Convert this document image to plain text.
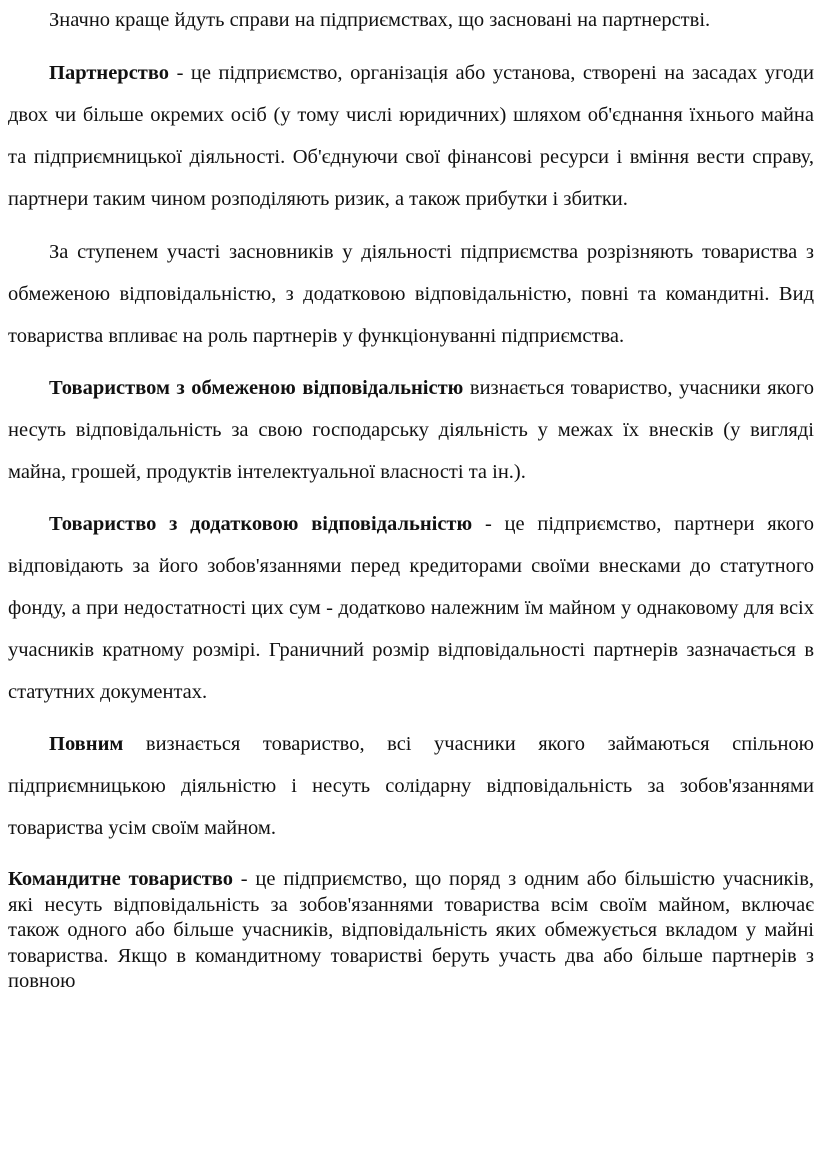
Значно краще йдуть справи на підприємствах, що засновані на партнерстві.

Партнерство - це підприємство, організація або установа, створені на засадах угоди двох чи більше окремих осіб (у тому числі юридичних) шляхом об'єднання їхнього майна та підприємницької діяльності. Об'єднуючи свої фінансові ресурси і вміння вести справу, партнери таким чином розподіляють ризик, а також прибутки і збитки.

За ступенем участі засновників у діяльності підприємства розрізняють товариства з обмеженою відповідальністю, з додатковою відповідальністю, повні та командитні. Вид товариства впливає на роль партнерів у функціонуванні підприємства.

Товариством з обмеженою відповідальністю визнається товариство, учасники якого несуть відповідальність за свою господарську діяльність у межах їх внесків (у вигляді майна, грошей, продуктів інтелектуальної власності та ін.).

Товариство з додатковою відповідальністю - це підприємство, партнери якого відповідають за його зобов'язаннями перед кредиторами своїми внесками до статутного фонду, а при недостатності цих сум - додатково належним їм майном у однаковому для всіх учасників кратному розмірі. Граничний розмір відповідальності партнерів зазначається в статутних документах.

Повним визнається товариство, всі учасники якого займаються спільною підприємницькою діяльністю і несуть солідарну відповідальність за зобов'язаннями товариства усім своїм майном.

Командитне товариство - це підприємство, що поряд з одним або більшістю учасників, які несуть відповідальність за зобов'язаннями товариства всім своїм майном, включає також одного або більше учасників, відповідальність яких обмежується вкладом у майні товариства. Якщо в командитному товаристві беруть участь два або більше партнерів з повною
